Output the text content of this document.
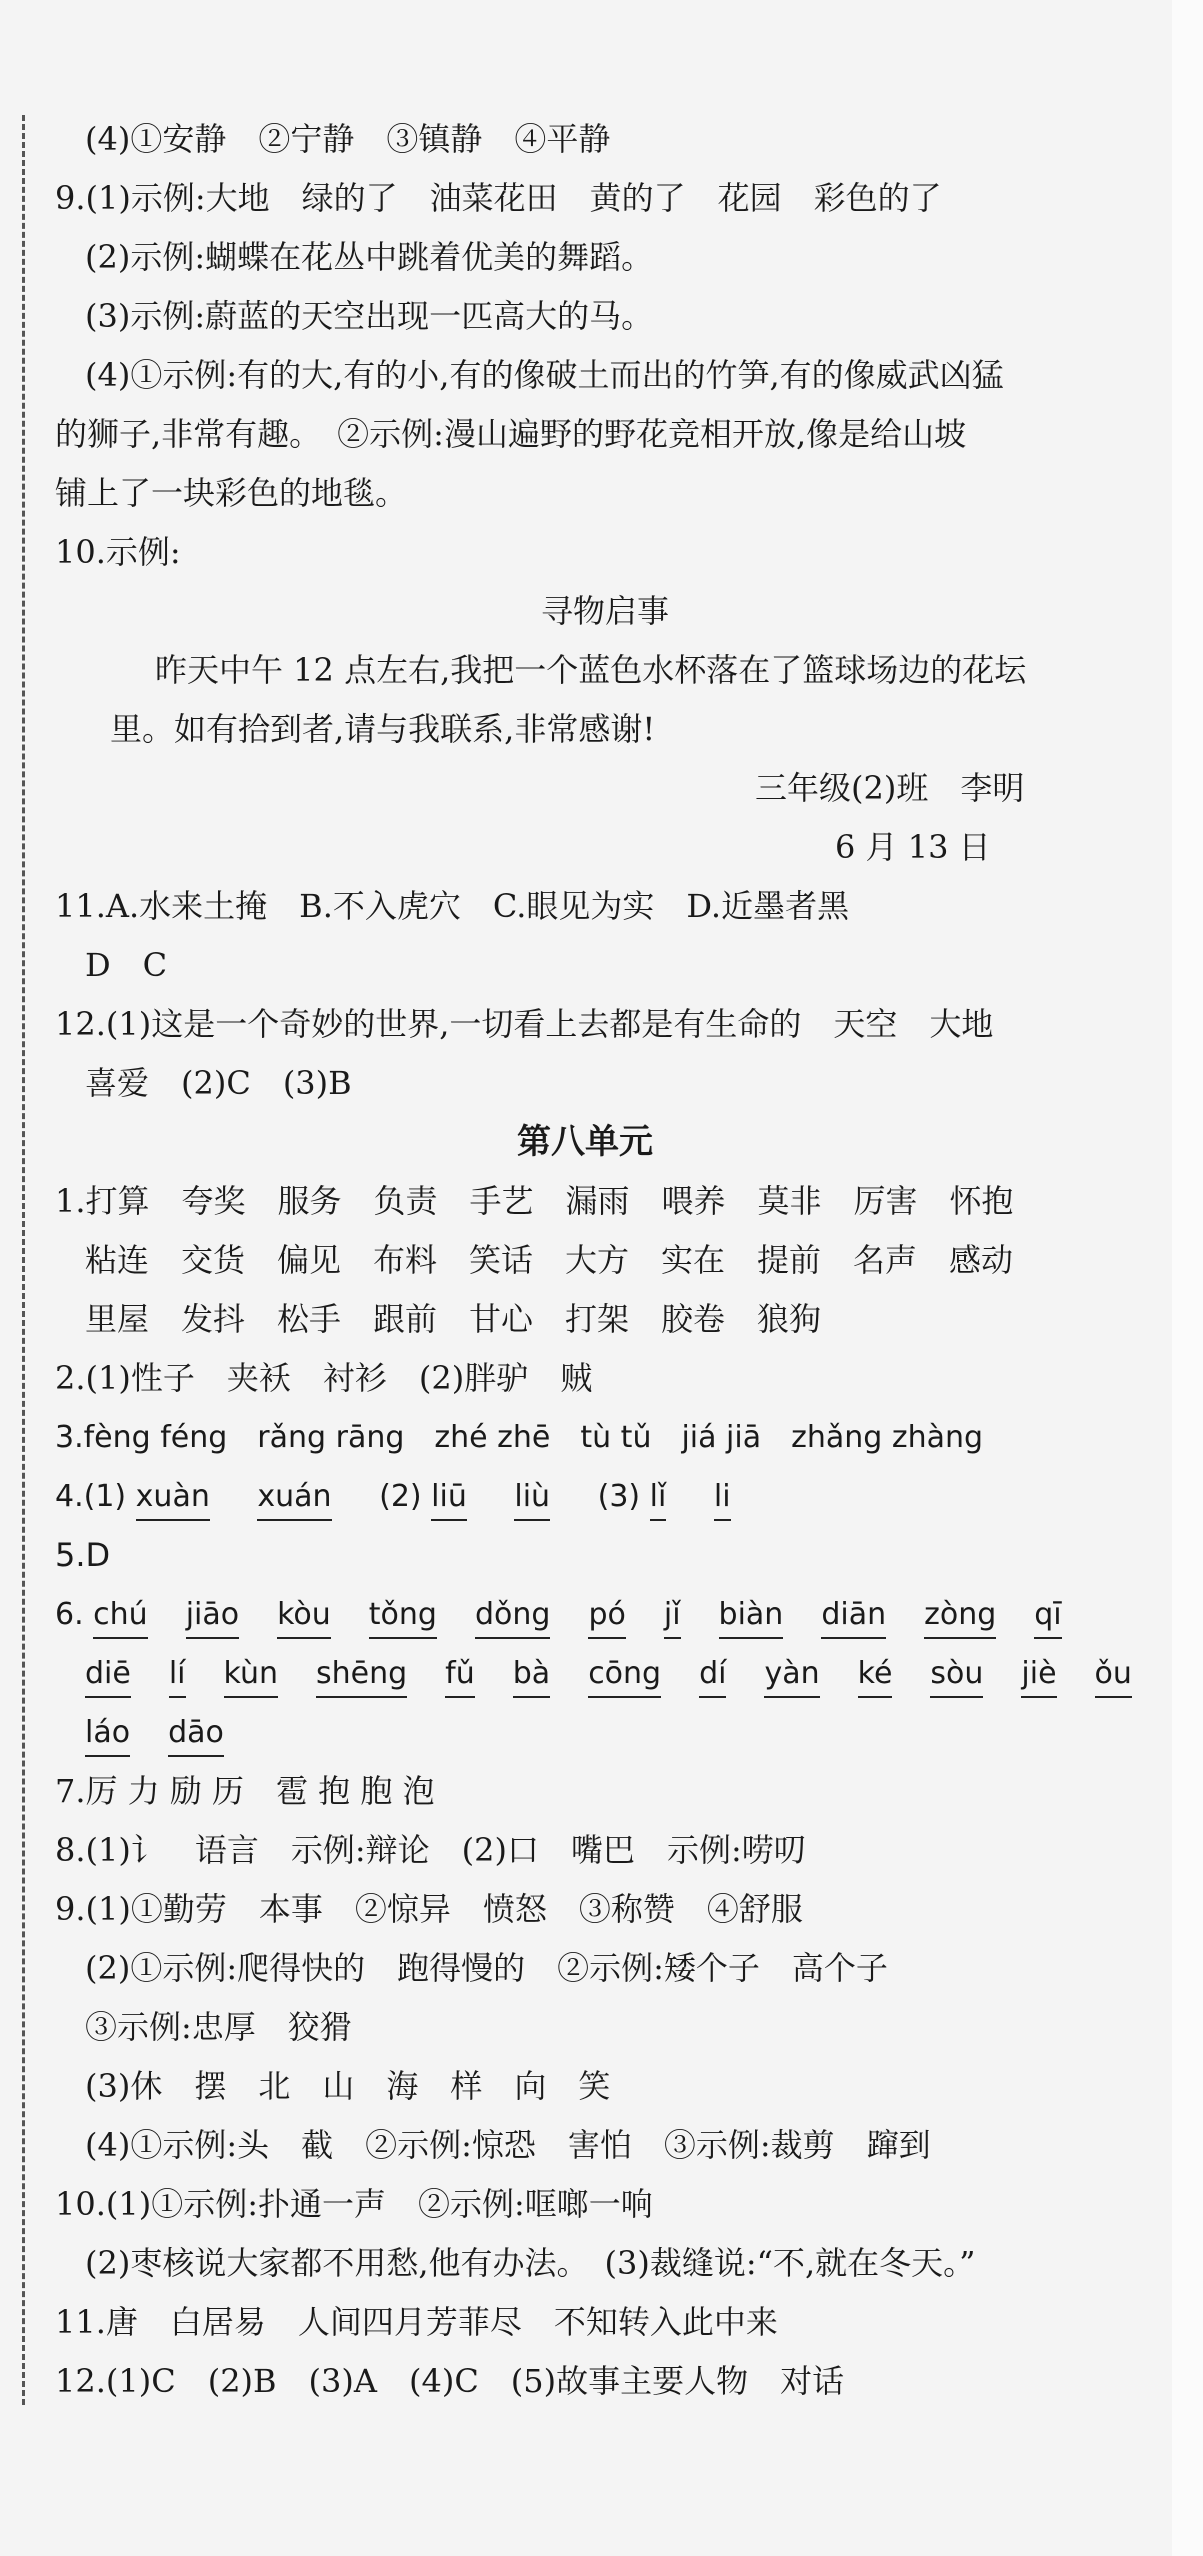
(4)①安静　②宁静　③镇静　④平静
9.(1)示例:大地　绿的了　油菜花田　黄的了　花园　彩色的了
(2)示例:蝴蝶在花丛中跳着优美的舞蹈。
(3)示例:蔚蓝的天空出现一匹高大的马。
(4)①示例:有的大,有的小,有的像破土而出的竹笋,有的像威武凶猛
的狮子,非常有趣。　②示例:漫山遍野的野花竞相开放,像是给山坡
铺上了一块彩色的地毯。
10.示例:
寻物启事
昨天中午 12 点左右,我把一个蓝色水杯落在了篮球场边的花坛
里。如有拾到者,请与我联系,非常感谢!
三年级(2)班　李明
6 月 13 日
11.A.水来土掩　B.不入虎穴　C.眼见为实　D.近墨者黑
D　C
12.(1)这是一个奇妙的世界,一切看上去都是有生命的　天空　大地
喜爱　(2)C　(3)B
第八单元
1.打算　夸奖　服务　负责　手艺　漏雨　喂养　莫非　厉害　怀抱
粘连　交货　偏见　布料　笑话　大方　实在　提前　名声　感动
里屋　发抖　松手　跟前　甘心　打架　胶卷　狼狗
2.(1)性子　夹袄　衬衫　(2)胖驴　贼
3.fèng féng　rǎng rāng　zhé zhē　tù tǔ　jiá jiā　zhǎng zhàng
4.(1) xuàn xuán (2) liū liù (3) lǐ li
5.D
6. chú jiāo kòu tǒng dǒng pó jǐ biàn diān zòng qī
diē lí kùn shēng fǔ bà cōng dí yàn ké sòu jiè ǒu
láo dāo
7.厉 力 励 历　雹 抱 胞 泡
8.(1)讠　语言　示例:辩论　(2)口　嘴巴　示例:唠叨
9.(1)①勤劳　本事　②惊异　愤怒　③称赞　④舒服
(2)①示例:爬得快的　跑得慢的　②示例:矮个子　高个子
③示例:忠厚　狡猾
(3)休　摆　北　山　海　样　向　笑
(4)①示例:头　截　②示例:惊恐　害怕　③示例:裁剪　蹿到
10.(1)①示例:扑通一声　②示例:哐啷一响
(2)枣核说大家都不用愁,他有办法。　(3)裁缝说:“不,就在冬天。”
11.唐　白居易　人间四月芳菲尽　不知转入此中来
12.(1)C　(2)B　(3)A　(4)C　(5)故事主要人物　对话
